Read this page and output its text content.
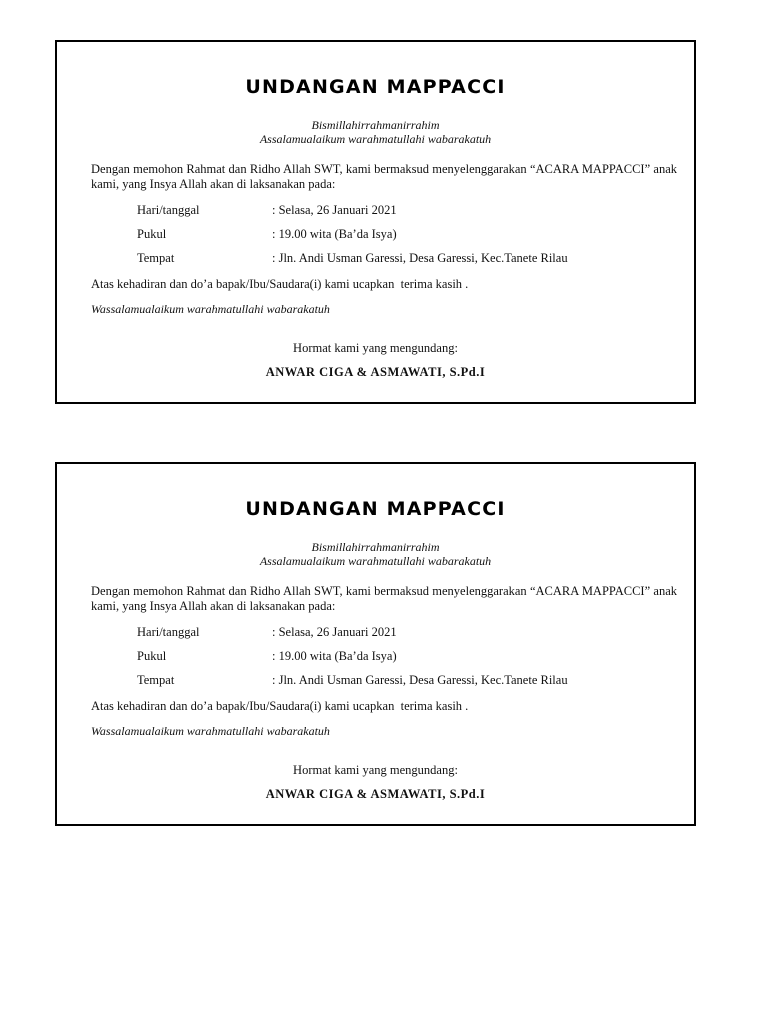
UNDANGAN MAPPACCI
Bismillahirrahmanirrahim
Assalamualaikum warahmatullahi wabarakatuh
Dengan memohon Rahmat dan Ridho Allah SWT, kami bermaksud menyelenggarakan “ACARA MAPPACCI” anak kami, yang Insya Allah akan di laksanakan pada:
Hari/tanggal	: Selasa, 26 Januari 2021
Pukul	: 19.00 wita (Ba’da Isya)
Tempat	: Jln. Andi Usman Garessi, Desa Garessi, Kec.Tanete Rilau
Atas kehadiran dan do’a bapak/Ibu/Saudara(i) kami ucapkan  terima kasih .
Wassalamualaikum warahmatullahi wabarakatuh
Hormat kami yang mengundang:
ANWAR CIGA & ASMAWATI, S.Pd.I
UNDANGAN MAPPACCI
Bismillahirrahmanirrahim
Assalamualaikum warahmatullahi wabarakatuh
Dengan memohon Rahmat dan Ridho Allah SWT, kami bermaksud menyelenggarakan “ACARA MAPPACCI” anak kami, yang Insya Allah akan di laksanakan pada:
Hari/tanggal	: Selasa, 26 Januari 2021
Pukul	: 19.00 wita (Ba’da Isya)
Tempat	: Jln. Andi Usman Garessi, Desa Garessi, Kec.Tanete Rilau
Atas kehadiran dan do’a bapak/Ibu/Saudara(i) kami ucapkan  terima kasih .
Wassalamualaikum warahmatullahi wabarakatuh
Hormat kami yang mengundang:
ANWAR CIGA & ASMAWATI, S.Pd.I
